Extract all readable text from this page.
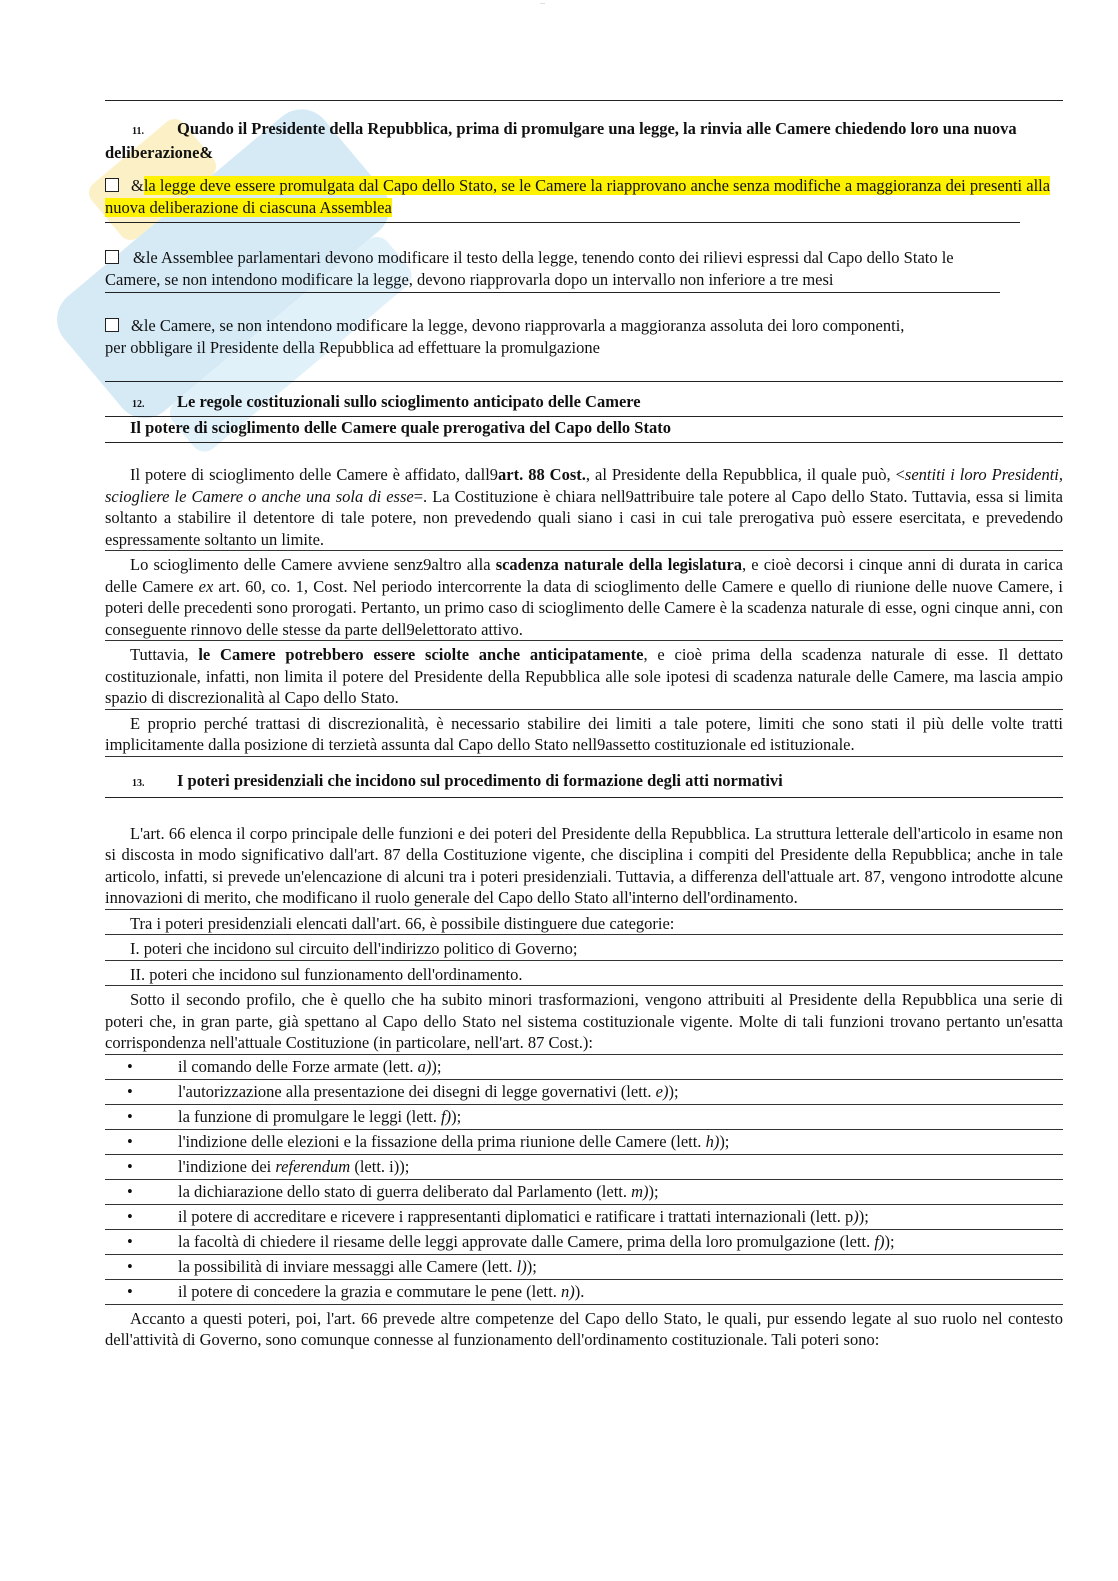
---
11. Quando il Presidente della Repubblica, prima di promulgare una legge, la rinvia alle Camere chiedendo loro una nuova deliberazione&
&la legge deve essere promulgata dal Capo dello Stato, se le Camere la riapprovano anche senza modifiche a maggioranza dei presenti alla nuova deliberazione di ciascuna Assemblea
&le Assemblee parlamentari devono modificare il testo della legge, tenendo conto dei rilievi espressi dal Capo dello Stato le Camere, se non intendono modificare la legge, devono riapprovarla dopo un intervallo non inferiore a tre mesi
&le Camere, se non intendono modificare la legge, devono riapprovarla a maggioranza assoluta dei loro componenti, per obbligare il Presidente della Repubblica ad effettuare la promulgazione
12. Le regole costituzionali sullo scioglimento anticipato delle Camere
Il potere di scioglimento delle Camere quale prerogativa del Capo dello Stato
Il potere di scioglimento delle Camere è affidato, dall9art. 88 Cost., al Presidente della Repubblica, il quale può, <sentiti i loro Presidenti, sciogliere le Camere o anche una sola di esse=. La Costituzione è chiara nell9attribuire tale potere al Capo dello Stato. Tuttavia, essa si limita soltanto a stabilire il detentore di tale potere, non prevedendo quali siano i casi in cui tale prerogativa può essere esercitata, e prevedendo espressamente soltanto un limite.
Lo scioglimento delle Camere avviene senz9altro alla scadenza naturale della legislatura, e cioè decorsi i cinque anni di durata in carica delle Camere ex art. 60, co. 1, Cost. Nel periodo intercorrente la data di scioglimento delle Camere e quello di riunione delle nuove Camere, i poteri delle precedenti sono prorogati. Pertanto, un primo caso di scioglimento delle Camere è la scadenza naturale di esse, ogni cinque anni, con conseguente rinnovo delle stesse da parte dell9elettorato attivo.
Tuttavia, le Camere potrebbero essere sciolte anche anticipatamente, e cioè prima della scadenza naturale di esse. Il dettato costituzionale, infatti, non limita il potere del Presidente della Repubblica alle sole ipotesi di scadenza naturale delle Camere, ma lascia ampio spazio di discrezionalità al Capo dello Stato.
E proprio perché trattasi di discrezionalità, è necessario stabilire dei limiti a tale potere, limiti che sono stati il più delle volte tratti implicitamente dalla posizione di terzietà assunta dal Capo dello Stato nell9assetto costituzionale ed istituzionale.
13. I poteri presidenziali che incidono sul procedimento di formazione degli atti normativi
L'art. 66 elenca il corpo principale delle funzioni e dei poteri del Presidente della Repubblica. La struttura letterale dell'articolo in esame non si discosta in modo significativo dall'art. 87 della Costituzione vigente, che disciplina i compiti del Presidente della Repubblica; anche in tale articolo, infatti, si prevede un'elencazione di alcuni tra i poteri presidenziali. Tuttavia, a differenza dell'attuale art. 87, vengono introdotte alcune innovazioni di merito, che modificano il ruolo generale del Capo dello Stato all'interno dell'ordinamento.
Tra i poteri presidenziali elencati dall'art. 66, è possibile distinguere due categorie:
I. poteri che incidono sul circuito dell'indirizzo politico di Governo;
II. poteri che incidono sul funzionamento dell'ordinamento.
Sotto il secondo profilo, che è quello che ha subito minori trasformazioni, vengono attribuiti al Presidente della Repubblica una serie di poteri che, in gran parte, già spettano al Capo dello Stato nel sistema costituzionale vigente. Molte di tali funzioni trovano pertanto un'esatta corrispondenza nell'attuale Costituzione (in particolare, nell'art. 87 Cost.):
•	il comando delle Forze armate (lett. a));
•	l'autorizzazione alla presentazione dei disegni di legge governativi (lett. e));
•	la funzione di promulgare le leggi (lett. f));
•	l'indizione delle elezioni e la fissazione della prima riunione delle Camere (lett. h));
•	l'indizione dei referendum (lett. i));
•	la dichiarazione dello stato di guerra deliberato dal Parlamento (lett. m));
•	il potere di accreditare e ricevere i rappresentanti diplomatici e ratificare i trattati internazionali (lett. p));
•	la facoltà di chiedere il riesame delle leggi approvate dalle Camere, prima della loro promulgazione (lett. f));
•	la possibilità di inviare messaggi alle Camere (lett. l));
•	il potere di concedere la grazia e commutare le pene (lett. n)).
Accanto a questi poteri, poi, l'art. 66 prevede altre competenze del Capo dello Stato, le quali, pur essendo legate al suo ruolo nel contesto dell'attività di Governo, sono comunque connesse al funzionamento dell'ordinamento costituzionale. Tali poteri sono:
